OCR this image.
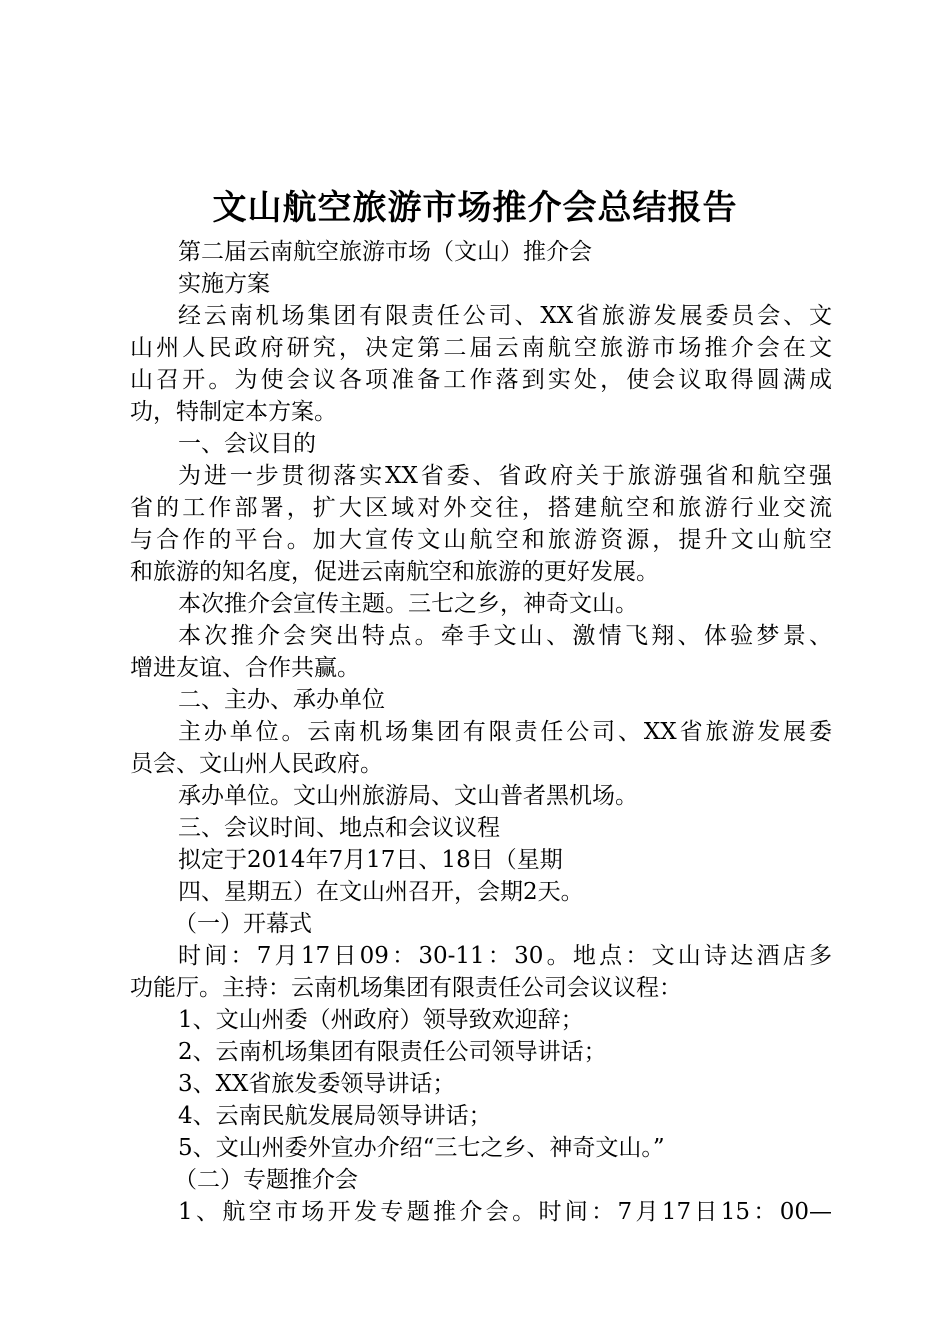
文山航空旅游市场推介会总结报告
第二届云南航空旅游市场（文山）推介会
实施方案
经云南机场集团有限责任公司、XX省旅游发展委员会、文
山州人民政府研究，决定第二届云南航空旅游市场推介会在文
山召开。为使会议各项准备工作落到实处，使会议取得圆满成
功，特制定本方案。
一、会议目的
为进一步贯彻落实XX省委、省政府关于旅游强省和航空强
省的工作部署，扩大区域对外交往，搭建航空和旅游行业交流
与合作的平台。加大宣传文山航空和旅游资源，提升文山航空
和旅游的知名度，促进云南航空和旅游的更好发展。
本次推介会宣传主题。三七之乡，神奇文山。
本次推介会突出特点。牵手文山、激情飞翔、体验梦景、
增进友谊、合作共赢。
二、主办、承办单位
主办单位。云南机场集团有限责任公司、XX省旅游发展委
员会、文山州人民政府。
承办单位。文山州旅游局、文山普者黑机场。
三、会议时间、地点和会议议程
拟定于2014年7月17日、18日（星期
四、星期五）在文山州召开，会期2天。
（一）开幕式
时间：7月17日09：30-11：30。地点：文山诗达酒店多
功能厅。主持：云南机场集团有限责任公司会议议程：
1、文山州委（州政府）领导致欢迎辞；
2、云南机场集团有限责任公司领导讲话；
3、XX省旅发委领导讲话；
4、云南民航发展局领导讲话；
5、文山州委外宣办介绍“三七之乡、神奇文山。”
（二）专题推介会
1、航空市场开发专题推介会。时间：7月17日15：00—
